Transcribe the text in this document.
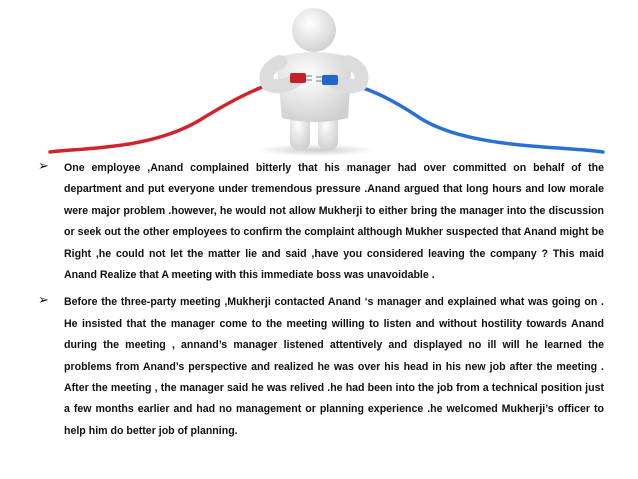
➢ One employee ,Anand complained bitterly that his manager had over committed on behalf of the department and put everyone under tremendous pressure .Anand argued that long hours and low morale were major problem .however, he would not allow Mukherji to either bring the manager into the discussion or seek out the other employees to confirm the complaint although Mukher suspected that Anand might be Right ,he could not let the matter lie and said ,have you considered leaving the company ? This maid Anand Realize that A meeting with this immediate boss was unavoidable .
➢ Before the three-party meeting ,Mukherji contacted Anand ‘s manager and explained what was going on . He insisted that the manager come to the meeting willing to listen and without hostility towards Anand during the meeting , annand’s manager listened attentively and displayed no ill will he learned the problems from Anand’s perspective and realized he was over his head in his new job after the meeting . After the meeting , the manager said he was relived .he had been into the job from a technical position just a few months earlier and had no management or planning experience .he welcomed Mukherji’s officer to help him do better job of planning.
